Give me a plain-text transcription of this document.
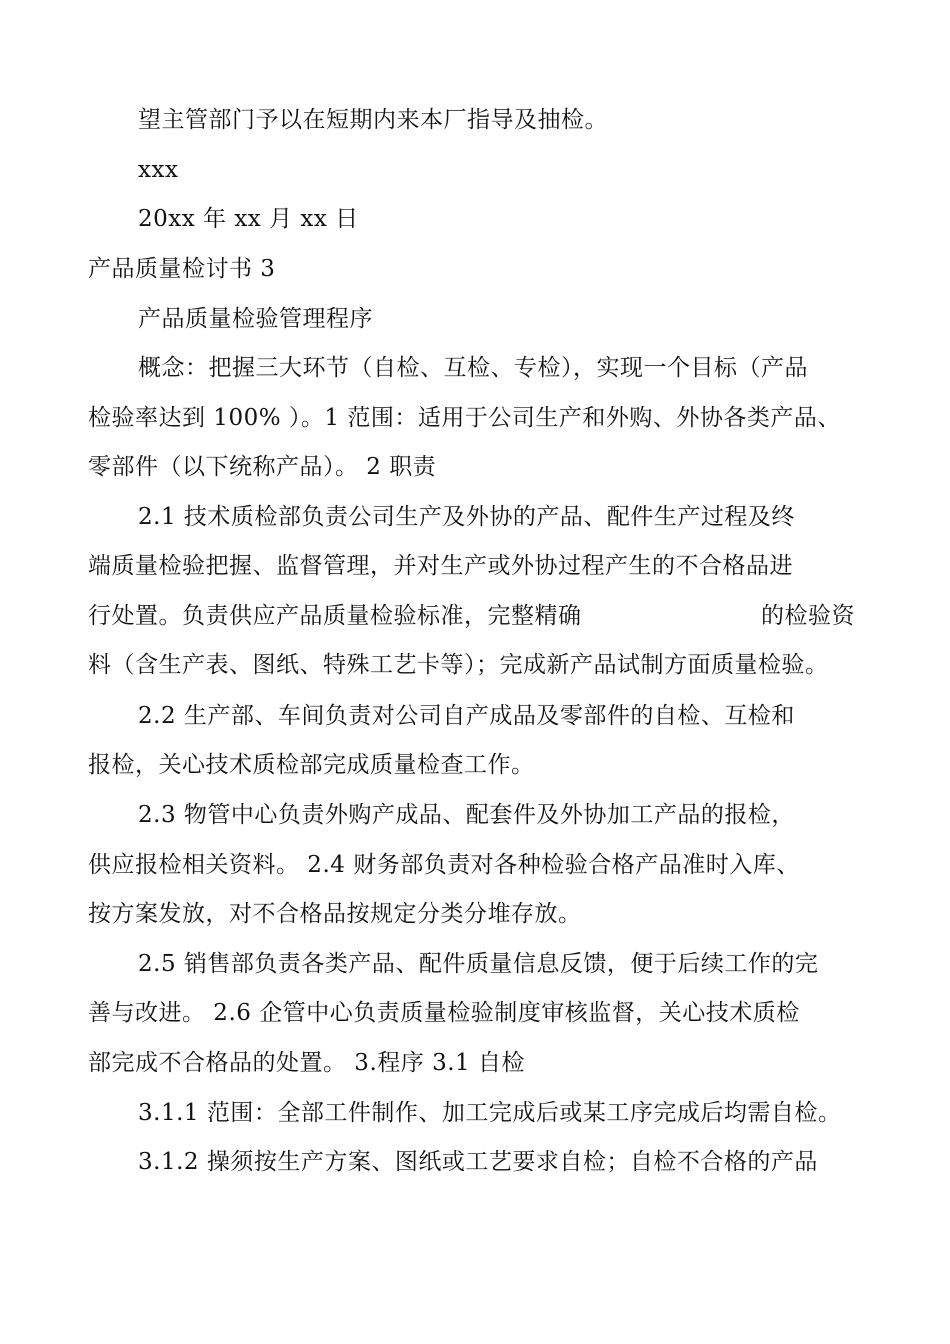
望主管部门予以在短期内来本厂指导及抽检。
xxx
20xx 年 xx 月 xx 日
产品质量检讨书 3
产品质量检验管理程序
概念：把握三大环节（自检、互检、专检），实现一个目标（产品
检验率达到 100% ）。1 范围：适用于公司生产和外购、外协各类产品、
零部件（以下统称产品）。 2 职责
2.1 技术质检部负责公司生产及外协的产品、配件生产过程及终
端质量检验把握、监督管理，并对生产或外协过程产生的不合格品进
行处置。负责供应产品质量检验标准，完整精确	的检验资
料（含生产表、图纸、特殊工艺卡等）；完成新产品试制方面质量检验。
2.2 生产部、车间负责对公司自产成品及零部件的自检、互检和
报检，关心技术质检部完成质量检查工作。
2.3 物管中心负责外购产成品、配套件及外协加工产品的报检，
供应报检相关资料。 2.4 财务部负责对各种检验合格产品准时入库、
按方案发放，对不合格品按规定分类分堆存放。
2.5 销售部负责各类产品、配件质量信息反馈，便于后续工作的完
善与改进。 2.6 企管中心负责质量检验制度审核监督，关心技术质检
部完成不合格品的处置。 3.程序 3.1 自检
3.1.1 范围：全部工件制作、加工完成后或某工序完成后均需自检。
3.1.2 操须按生产方案、图纸或工艺要求自检；自检不合格的产品
